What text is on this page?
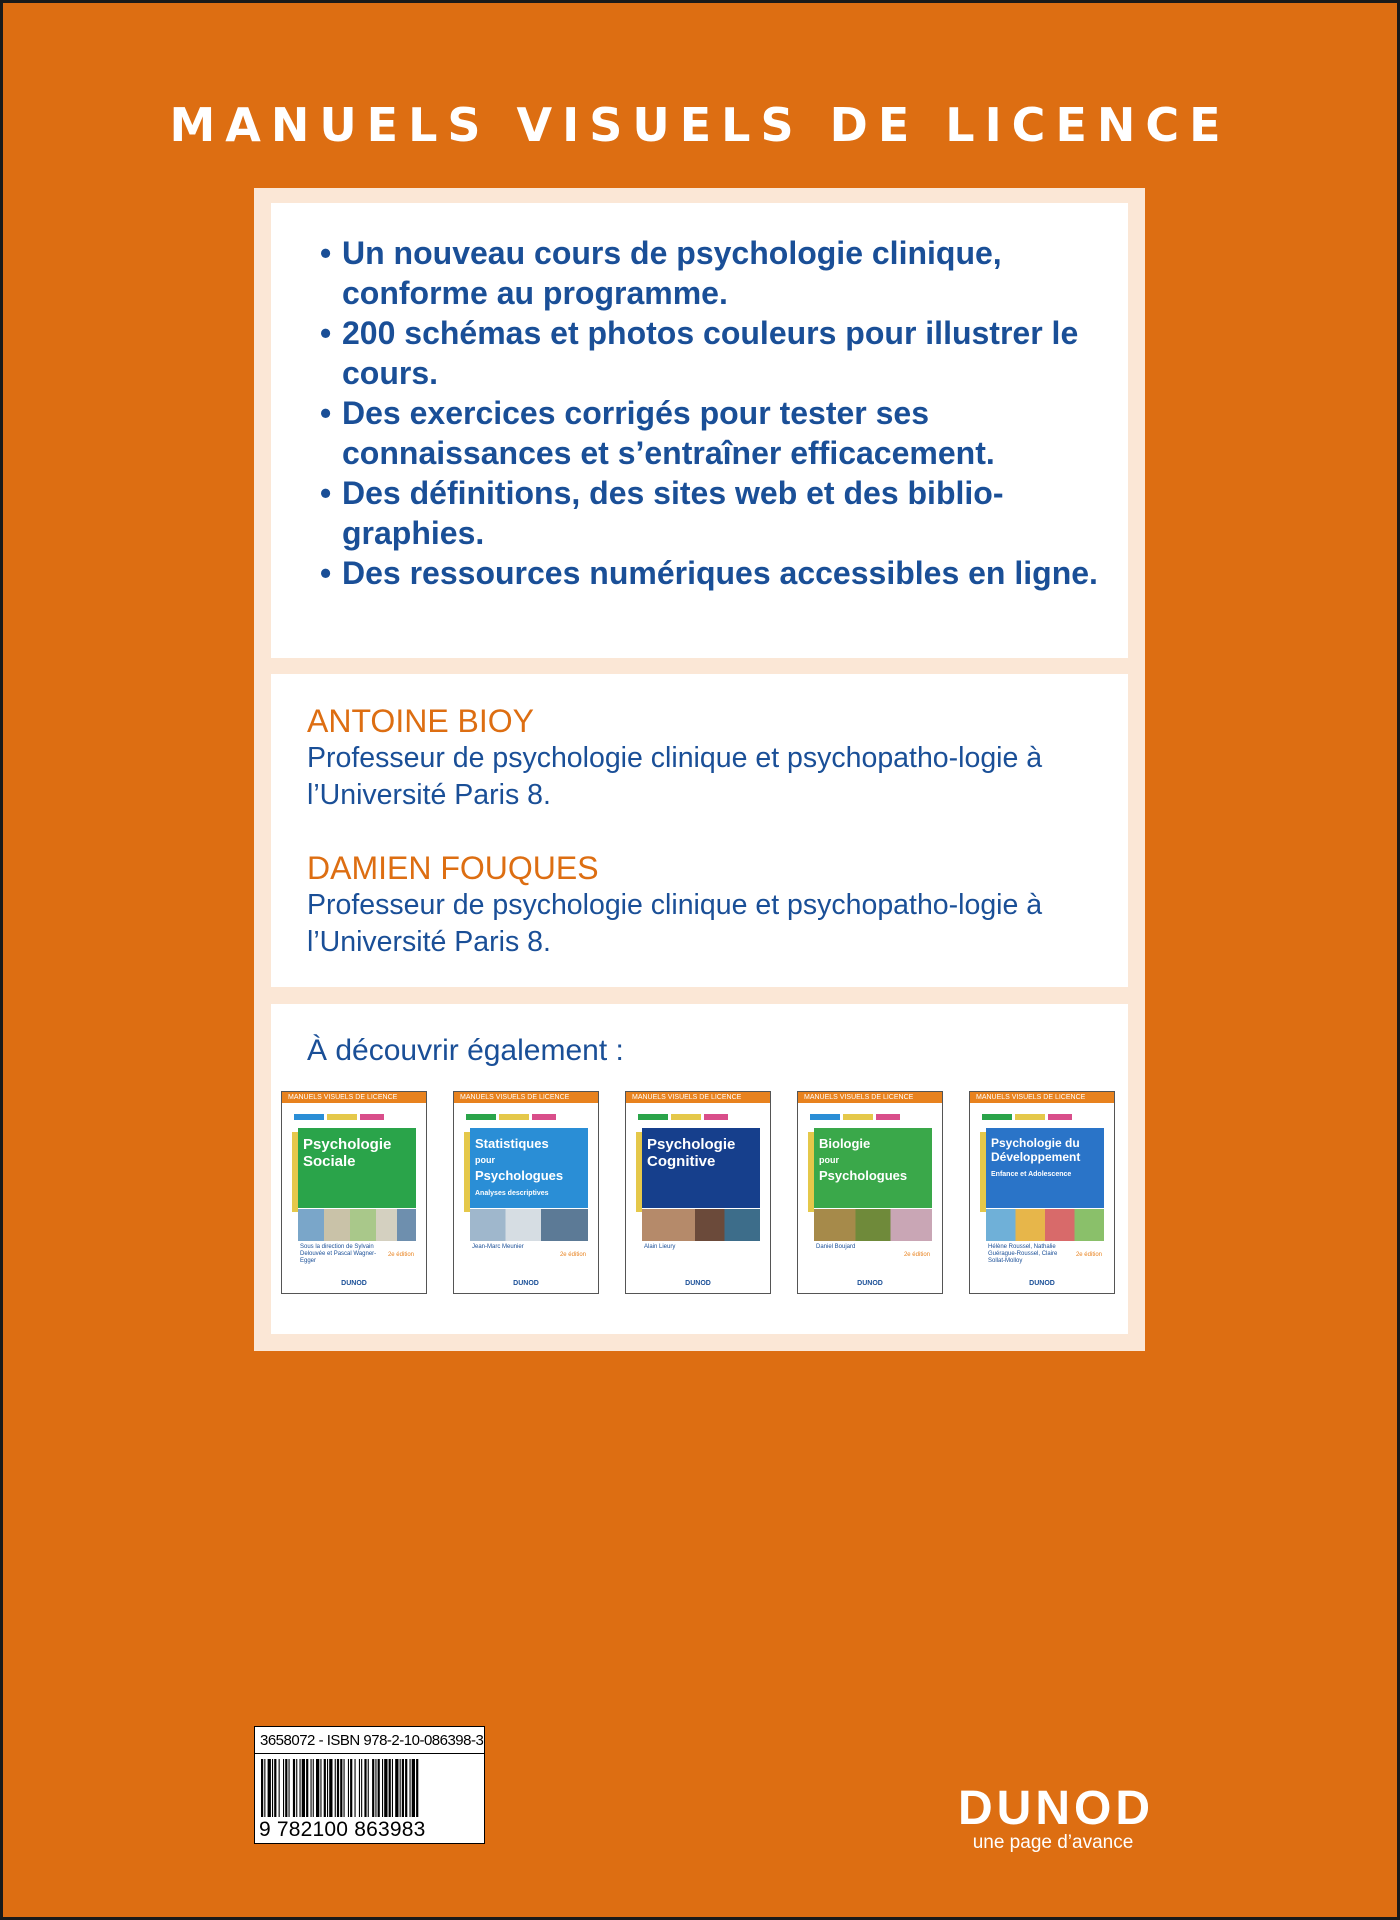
MANUELS VISUELS DE LICENCE
• Un nouveau cours de psychologie clinique, conforme au programme.
• 200 schémas et photos couleurs pour illustrer le cours.
• Des exercices corrigés pour tester ses connaissances et s’entraîner efficacement.
• Des définitions, des sites web et des biblio-graphies.
• Des ressources numériques accessibles en ligne.
ANTOINE BIOY
Professeur de psychologie clinique et psychopatho-logie à l’Université Paris 8.
DAMIEN FOUQUES
Professeur de psychologie clinique et psychopatho-logie à l’Université Paris 8.
À découvrir également :
MANUELS VISUELS DE LICENCE
Psychologie
Sociale
Sous la direction de Sylvain Delouvée et Pascal Wagner-Egger
2e édition
DUNOD
MANUELS VISUELS DE LICENCE
Statistiques
pour
Psychologues
Analyses descriptives
Jean-Marc Meunier
2e édition
DUNOD
MANUELS VISUELS DE LICENCE
Psychologie
Cognitive
Alain Lieury
DUNOD
MANUELS VISUELS DE LICENCE
Biologie
pour
Psychologues
Daniel Boujard
2e édition
DUNOD
MANUELS VISUELS DE LICENCE
Psychologie du
Développement
Enfance et Adolescence
Hélène Roussel, Nathalie Guérague-Roussel, Claire Sollat-Molloy
2e édition
DUNOD
3658072 - ISBN 978-2-10-086398-3
9 782100 863983	DUNOD
une page d’avance
